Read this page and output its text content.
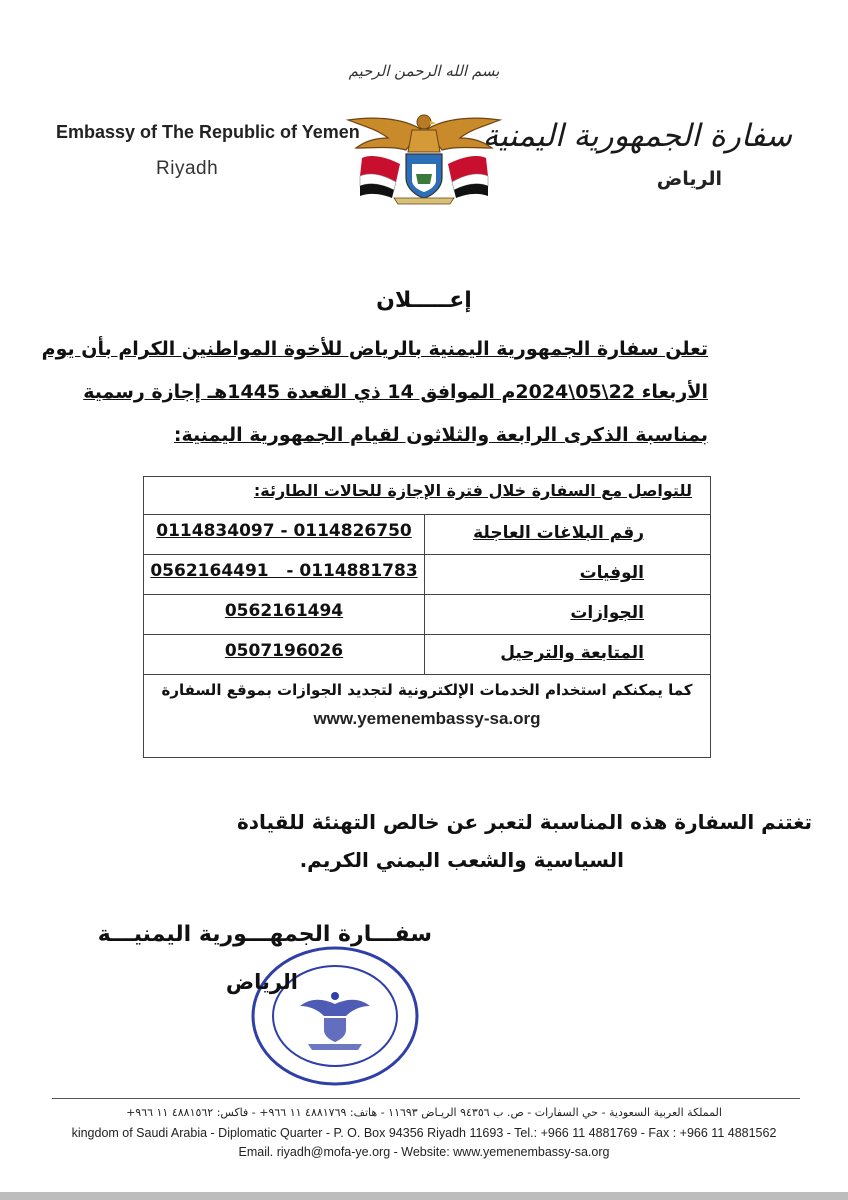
بسم الله الرحمن الرحيم
Embassy of The Republic of Yemen
Riyadh
سفارة الجمهورية اليمنية
الرياض
إعـــــلان
تعلن سفارة الجمهورية اليمنية بالرياض للأخوة المواطنين الكرام بأن يوم
الأربعاء 22\05\2024م الموافق 14 ذي القعدة 1445هـ إجازة رسمية
بمناسبة الذكرى الرابعة والثلاثون لقيام الجمهورية اليمنية:
للتواصل مع السفارة خلال فترة الإجازة للحالات الطارئة:
رقم البلاغات العاجلة
0114834097 - 0114826750
الوفيات
0562164491   - 0114881783
الجوازات
0562161494
المتابعة والترحيل
0507196026
كما يمكنكم استخدام الخدمات الإلكترونية لتجديد الجوازات بموقع السفارة
www.yemenembassy-sa.org
تغتنم السفارة هذه المناسبة لتعبر عن خالص التهنئة للقيادة
السياسية والشعب اليمني الكريم.
سفـــارة الجمهـــورية اليمنيـــة
الرياض
المملكة العربية السعودية - حي السفارات - ص. ب ٩٤٣٥٦ الريـاض ١١٦٩٣ - هاتف: ٤٨٨١٧٦٩ ١١ ٩٦٦+ - فاكس: ٤٨٨١٥٦٢ ١١ ٩٦٦+
kingdom of Saudi Arabia - Diplomatic Quarter - P. O. Box 94356 Riyadh 11693 - Tel.: +966 11 4881769 - Fax : +966 11 4881562
Email. riyadh@mofa-ye.org - Website: www.yemenembassy-sa.org
